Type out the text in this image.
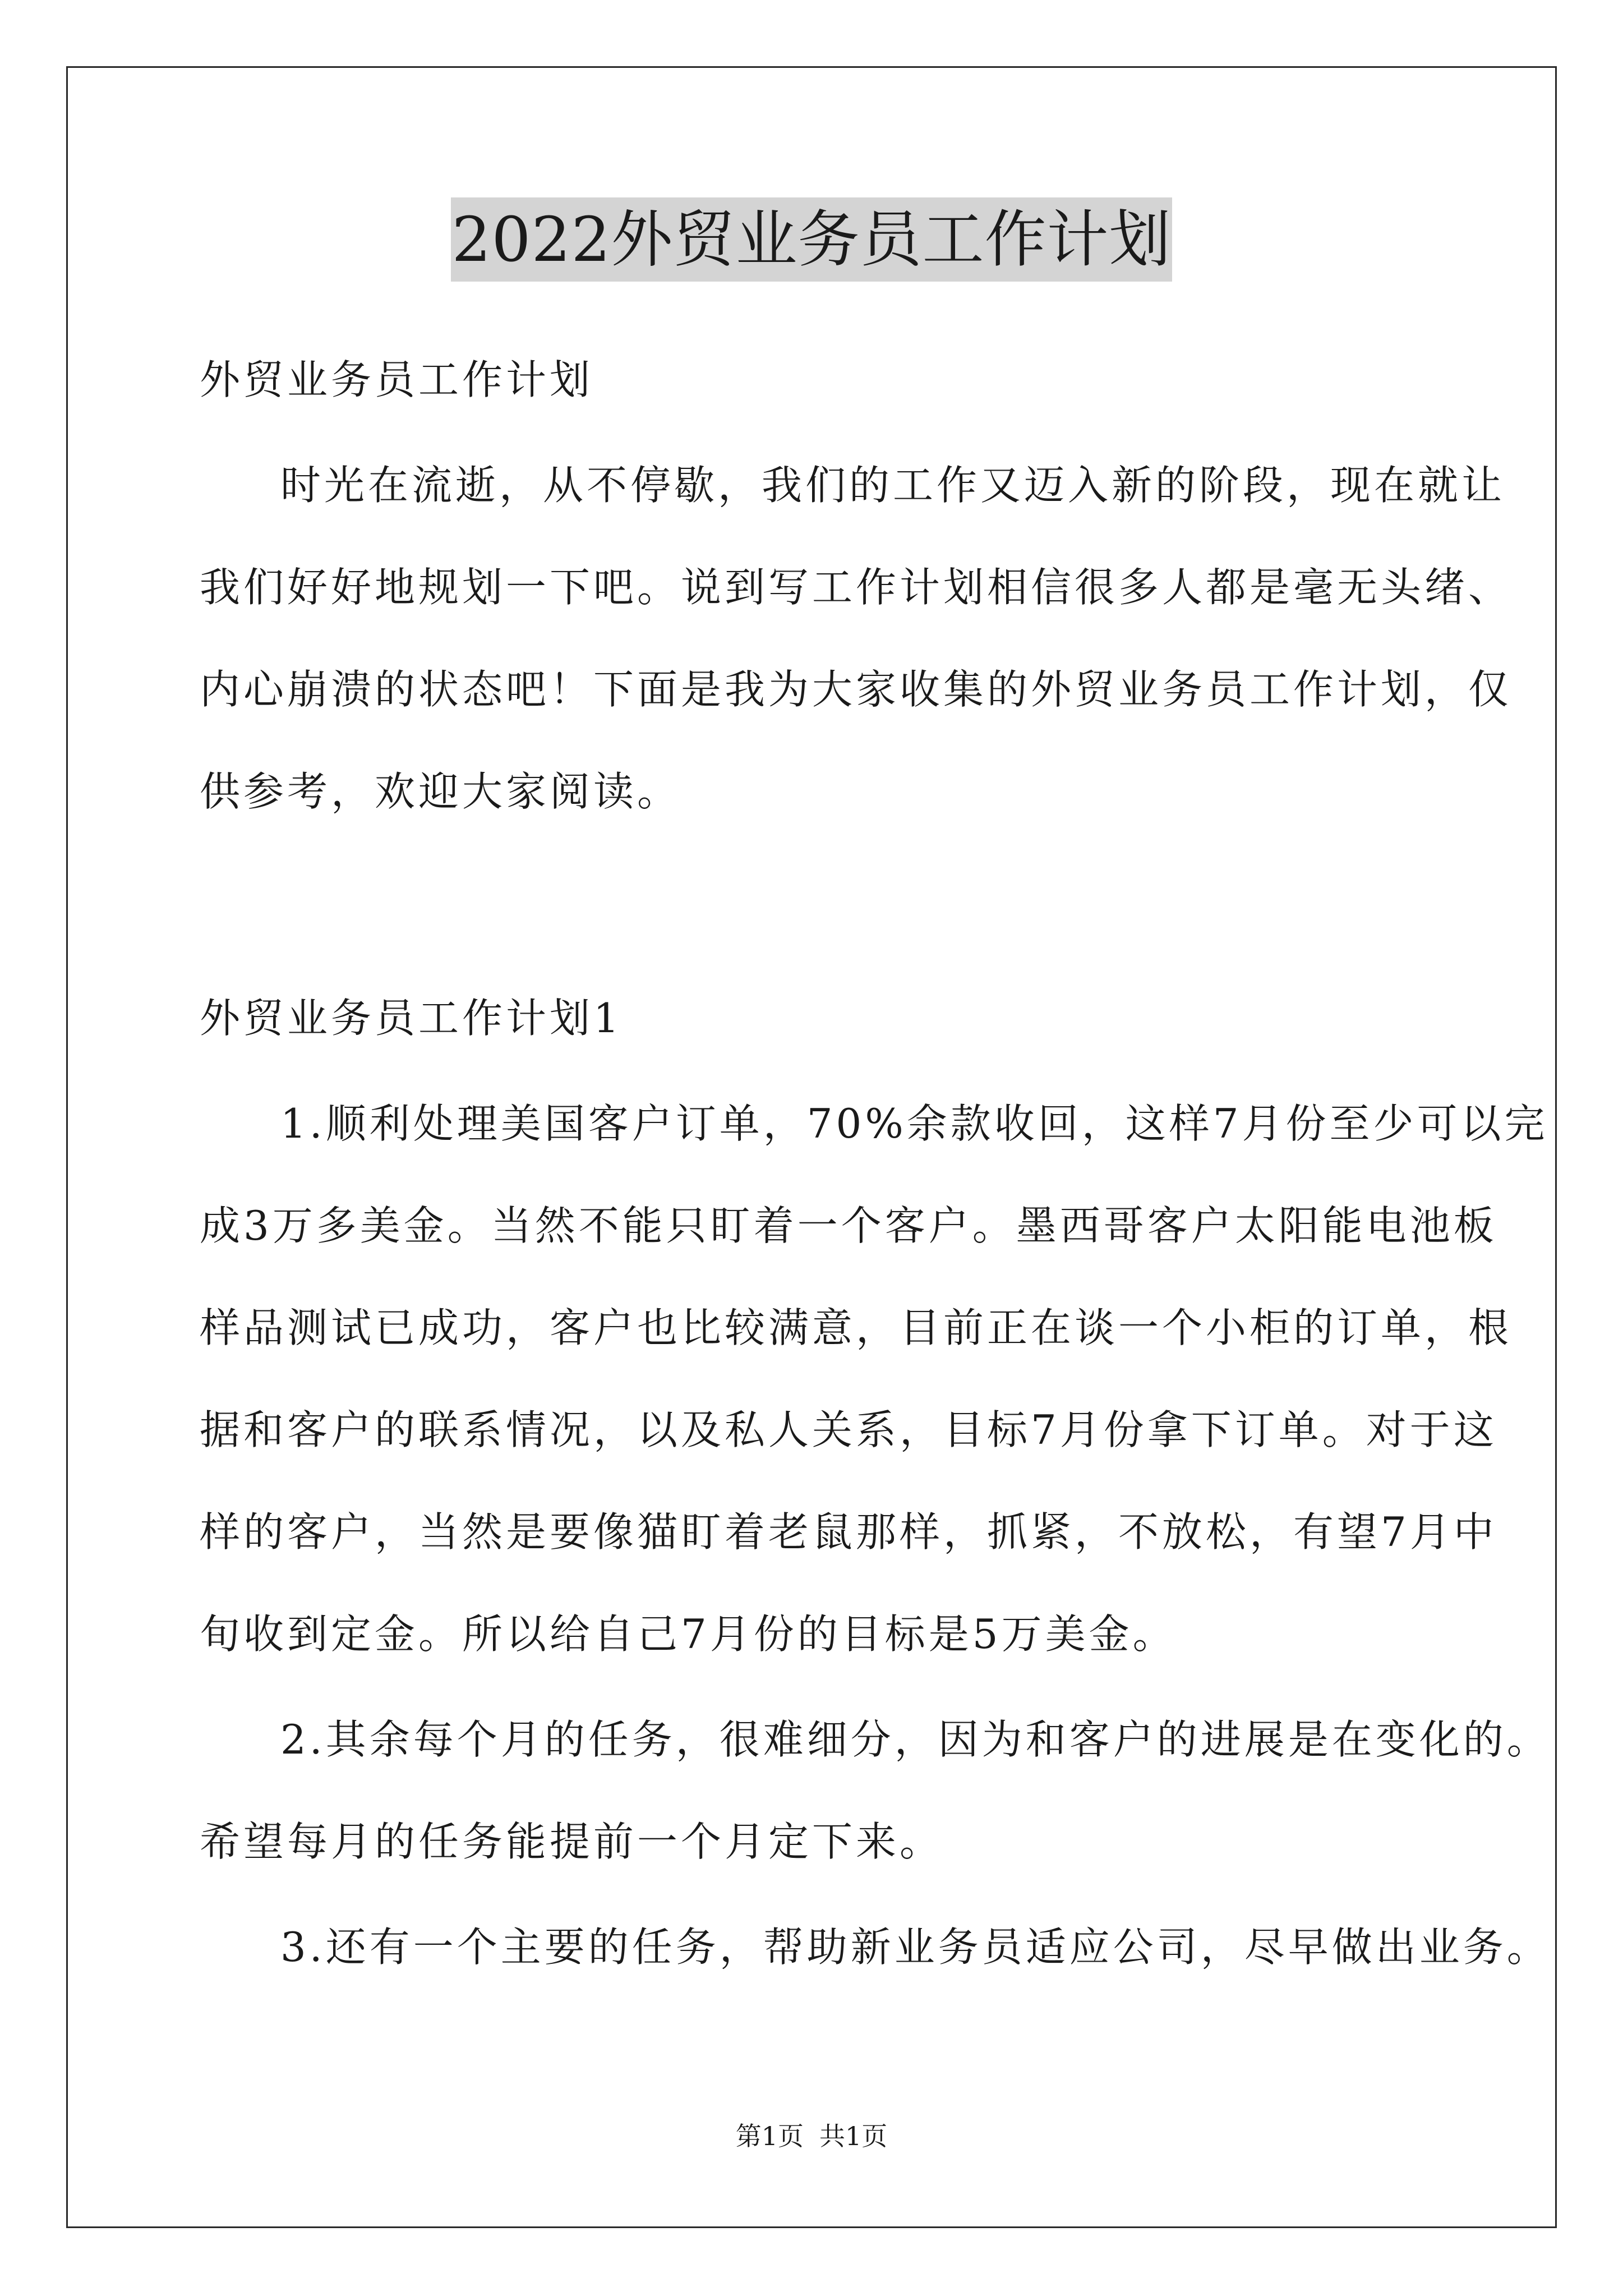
2022外贸业务员工作计划
外贸业务员工作计划
时光在流逝，从不停歇，我们的工作又迈入新的阶段，现在就让
我们好好地规划一下吧。说到写工作计划相信很多人都是毫无头绪、
内心崩溃的状态吧！下面是我为大家收集的外贸业务员工作计划，仅
供参考，欢迎大家阅读。
外贸业务员工作计划1
1.顺利处理美国客户订单，70%余款收回，这样7月份至少可以完
成3万多美金。当然不能只盯着一个客户。墨西哥客户太阳能电池板
样品测试已成功，客户也比较满意，目前正在谈一个小柜的订单，根
据和客户的联系情况，以及私人关系，目标7月份拿下订单。对于这
样的客户，当然是要像猫盯着老鼠那样，抓紧，不放松，有望7月中
旬收到定金。所以给自己7月份的目标是5万美金。
2.其余每个月的任务，很难细分，因为和客户的进展是在变化的。
希望每月的任务能提前一个月定下来。
3.还有一个主要的任务，帮助新业务员适应公司，尽早做出业务。
第1页 共1页
